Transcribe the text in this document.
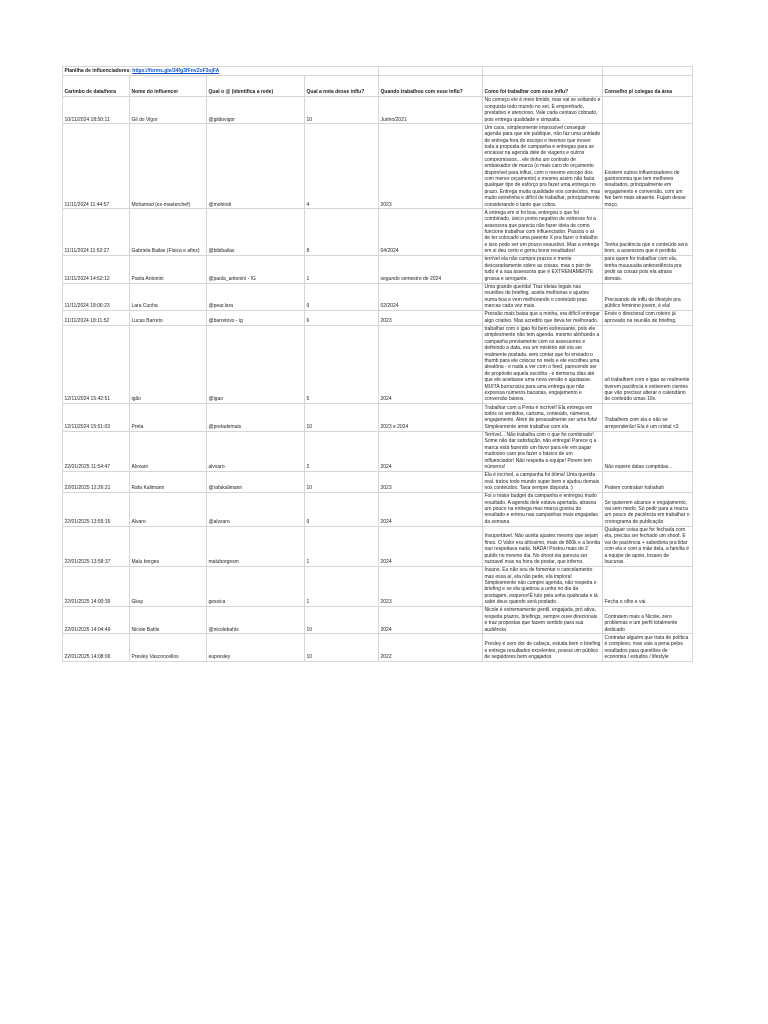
Planilha de influenciadores: https://forms.gle/34fg3fFnvZoF3ojFA						
Carimbo de data/hora	Nome do influencer	Qual o @ (identifica a rede)	Qual a nota desse influ?	Quando trabalhou com esse influ?	Como foi trabalhar com esse influ?	Conselho p/ colegas da área
10/11/2024 18:50:11	Gil do Vigor	@gildovigor	10	Junho/2021	No começo ele é meio tímido, mas vai se soltando e conquista todo mundo no set. É empenhado, prestativo e atencioso. Vale cada centavo cobrado, pois entrega qualidade e simpatia.	
11/11/2024 11:44:57	Mohamad (ex-masterchef)	@mohindi	4	2023	Um caos, simplesmente impossível conseguir agenda para que ele publique, não faz uma unidade de entrega fora do escopo e tivemos que mover toda a proposta de campanha e entregas para se encaixar na agenda dele de viagens e outros compromissos... ele tinha um contrato de embaixador de marca (o mais caro do orçamento disponível para influs, com o mesmo escopo dos com menor orçamento) e mesmo assim não fazia qualquer tipo de esforço pra fazer uma entrega no prazo. Entrega muita qualidade nos conteúdos, mas muito estrelinha e difícil de trabalhar, principalmente considerando o tanto que cobra.	Existem outros influenciadores de gastronomia que tem melhores resultados, principalmente em engajamento e conversão, com um fee bem mais atraente. Fujam desse moço.
11/11/2024 11:52:27	Gabriela Bailas (Física e afins)	@bibibailas	8	04/2024	A entrega em si foi boa, entregou o que foi combinado, único ponto negativo de estresse foi a assessora que parecia não fazer ideia de como funcione trabalhar com influenciador. Passou o ar de ter colocado uma parente X pra fazer o trabalho e isso pode ser um pouco exaustivo. Mas a entrega em si deu certo e gerou bons resultados!	Tenha paciência que o conteúdo será bom, a assessora que é perdida
11/11/2024 14:52:12	Paola Antonini	@paola_antonini - IG	1	segundo semestre de 2024	terrível ela não cumpre prazos e mente descaradamente sobre as coisas. mas o pior de tudo é a sua assessora que é EXTREMAMENTE grossa e arrogante.	para quem for trabalhar com ela, tenha muuuuuita antecedência pra pedir as coisas pois ela atrasa demais.
11/11/2024 18:06:23	Lara Cunha	@pear.lara	9	02/2024	Uma grande querida! Traz ideias legais nas reuniões de briefing, aceita melhorias e ajustes numa boa e vem melhorando o conteúdo pras marcas cada vez mais.	Precisando de influ de lifestyle pra público feminino jovem, é ela!
11/11/2024 18:11:52	Lucas Barreto	@barretovs - ig	6	2023	Pressão mais baixa que a minha, era difícil entregar algo criativo. Mas acredito que deva ter melhorado.	Envie o direcional com roteiro já aprovado na reunião de briefing.
12/11/2024 15:42:51	igão	@igao	5	2024	trabalhar com o igao foi bem estressante, pois ele simplesmente não tem agenda. mesmo alinhando a campanha previamente com os assessores e definindo a data, era um mistério até ela ser realmente postada. sem contar que foi enviado o thumb para ele colocar no reels e ele escolheu uma aleatória - e nada a ver com o feed, parecendo ser de propósito aquela escolha - e demorou dias até que ele aceitasse uma nova versão e ajustasse. MUITA burocracia para uma entrega que não expressa números bacanas, engajamento e conversão baixos.	só trabalhem com o igao se realmente tiverem paciência e estiverem cientes que vão precisar alterar o calendário de conteúdo umas 10x.
12/11/2024 15:51:03	Preta	@pretademais	10	2023 e 2024	Trabalhar com a Preta é incrível! Ela entrega em todos os sentidos, carisma, conteúdo, números, engajamento. Além de pessoalmente ser uma fofa! Simplesmente amei trabalhar com ela	Trabalhem com ela e não se arrependerão! Ela é um cristal <3
22/01/2025 11:54:47	Alvxaro	alvxaro	2	2024	Terrível... Não trabalha com o que foi combinado! Some não dar satisfação, não entrega! Parece q a marca está fazendo um favor para ele em pagar muitoooo caro pra fazer o básico de um influenciador! Não respeita a equipe! Porem tem números!	Não espere datas cumpridas...
22/01/2025 12:26:21	Rafa Kalimann	@rafakalimann	10	2023	Ela é incrível, a campanha foi ótima! Uma querida real. tratou todo mundo super bem e ajudou demais nos conteúdos. Tava sempre disposta :)	Podem contratarr hahahah
22/01/2025 13:55:15	Alvaro	@alvxaro	9	2024	Foi o maior budget da campanha e entregou muito resultado. A agenda dele estava apertada, atrasou um pouco na entrega mas marca gostou do resultado e entrou nas campanhas mais engajadas da semana	Se quiserem alcance e engajamento, vai sem medo. Só pedir para a marca um pouco de paciência em trabalhar o cronograma de publicação
22/01/2025 13:58:37	Malu borges	maluborgesm	1	2024	Insuportável. Não aceita ajustes mesmo que sejam finos. O Valor era altíssimo, mais de 800k e a bonita nao respeitava nada. NADA! Postou mais de 2 publis no mesmo dia. No shoot ela parecia ser razoavel mas na hora de postar, que inferno.	Qualquer coisa que for fechada com ela, precisa ser fechado um shoot. E vai de paciência + sabedoria pra lidar com ela e com a mãe dela, a família é a equipe de apoio. Insano de loucuras.
22/01/2025 14:00:39	Gkay	gessica	1	2023	Insano. Eu não sou de fomentar o cancelamento mas essa aí, ela não pede, ela implora! Simplesmente não cumpre agenda, não respeita o briefing e se ela quebrou a unha no dia da postagem, esquece!É luto pela unha quebrada e lá sabe deus quando será postado.	Fecha o olho e vai.
22/01/2025 14:04:49	Nicole Bahls	@nicolebahls	10	2024	Nicole é extremamente gentil, engajada, pró ativa, respeita prazos, briefings, sempre ouve direcionais e traz propostas que fazem sentido para sua audiência	Contratem mais a Nicole, zero problemas e um perfil totalmente dedicado
22/01/2025 14:08:00	Presley Vasconcellos	eupresley	10	2022	Presley é zero dor de cabeça, estuda bem o briefing e entrega resultados excelentes, possui um público de seguidores bem engajados	Contratar alguém que trata de política é complexo, mas vale a pena pelos resultados para questões de economia / estudos / lifestyle
